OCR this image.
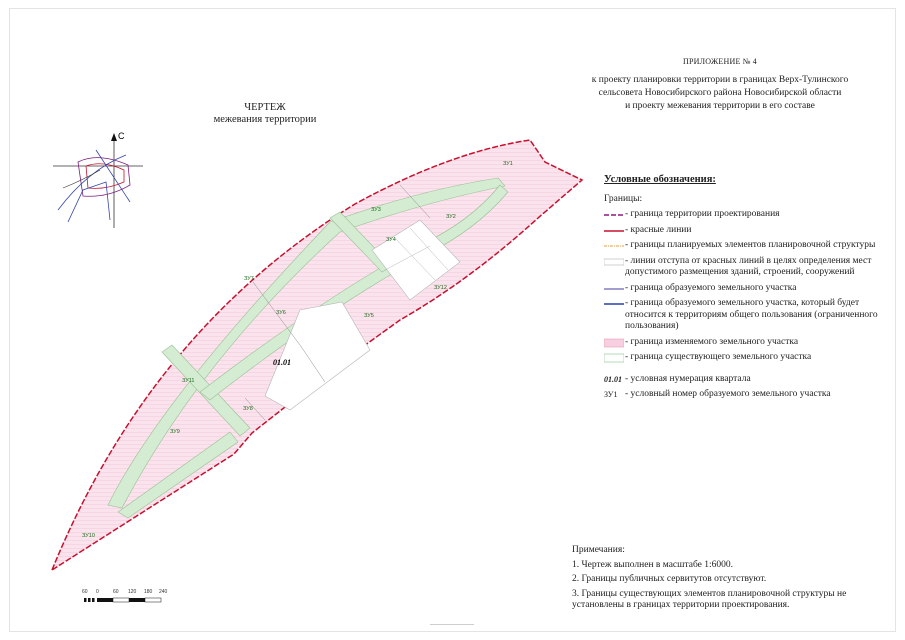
ПРИЛОЖЕНИЕ № 4
к проекту планировки территории в границах Верх-Тулинского
сельсовета Новосибирского района Новосибирской области
и проекту межевания территории в его составе
ЧЕРТЕЖ
межевания территории
С
01.01
ЗУ1
ЗУ2
ЗУ3
ЗУ4
ЗУ5
ЗУ6
ЗУ7
ЗУ8
ЗУ9
ЗУ10
ЗУ11
ЗУ12
Условные обозначения:
Границы:
- граница территории проектирования
- красные линии
- границы планируемых элементов планировочной структуры
- линии отступа от красных линий в целях определения мест допустимого размещения зданий, строений, сооружений
- граница образуемого земельного участка
- граница образуемого земельного участка, который будет относится к территориям общего пользования (ограниченного пользования)
- граница изменяемого земельного участка
- граница существующего земельного участка
01.01 - условная нумерация квартала
ЗУ1 - условный номер образуемого земельного участка
Примечания:
1. Чертеж выполнен в масштабе 1:6000.
2. Границы публичных сервитутов отсутствуют.
3. Границы существующих элементов планировочной структуры не установлены в границах территории проектирования.
60 0	60 120 180 240
